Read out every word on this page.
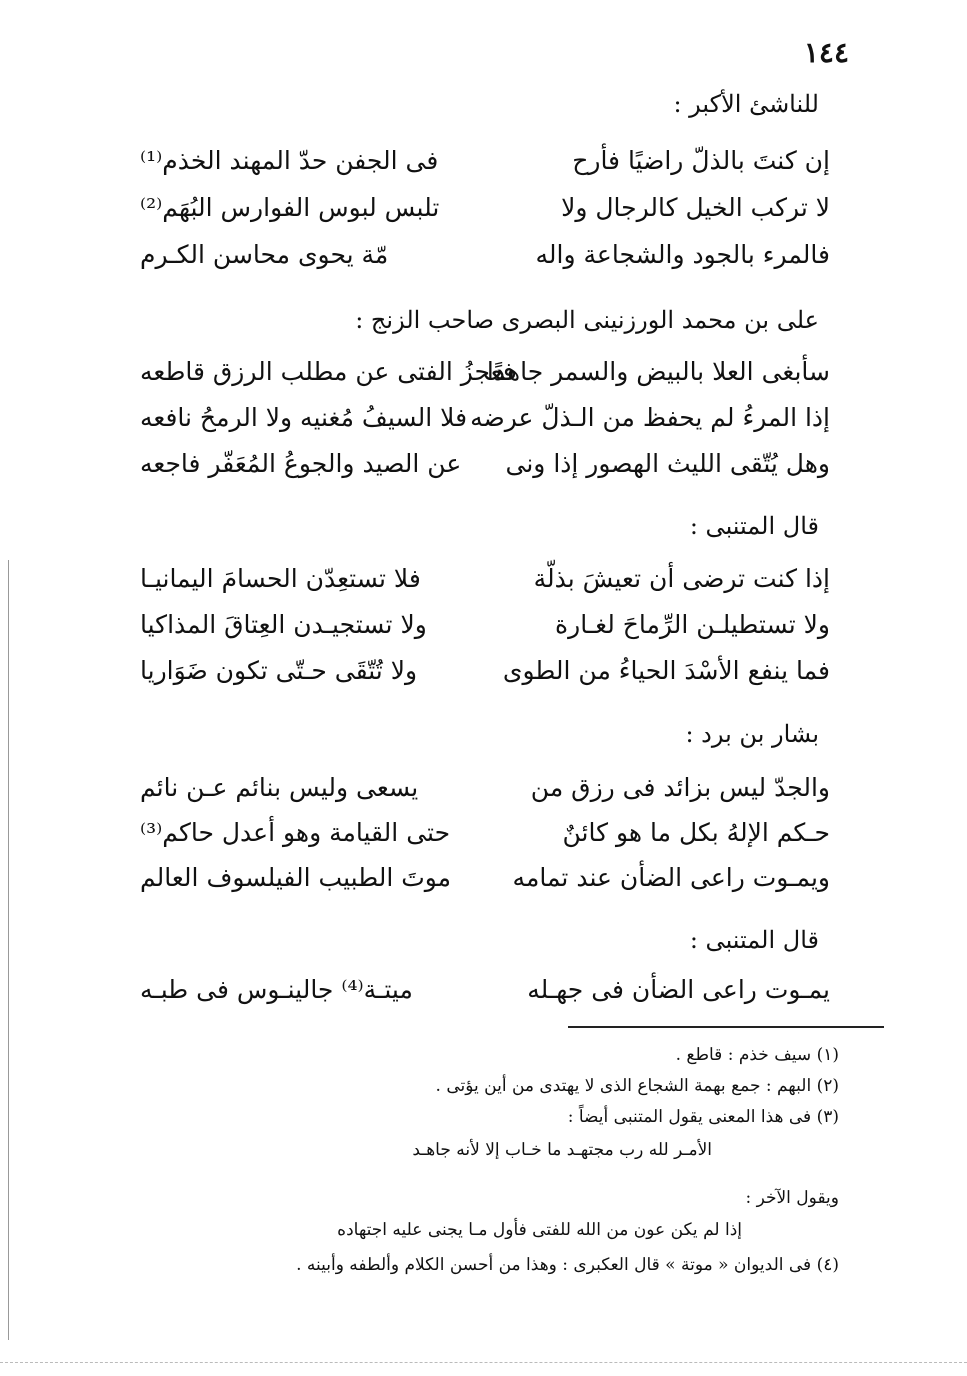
١٤٤
للناشئ الأكبر :
إن كنتَ بالذلّ راضيًا فأرح
فى الجفن حدّ المهند الخذم⁽¹⁾
لا تركب الخيل كالرجال ولا
تلبس لبوس الفوارس البُهَم⁽²⁾
فالمرء بالجود والشجاعة واله
مّة يحوى محاسن الكـرم
على بن محمد الورزنينى البصرى صاحب الزنج :
سأبغى العلا بالبيض والسمر جاهدًا
فعجزُ الفتى عن مطلب الرزق قاطعه
إذا المرءُ لم يحفظ من الـذلّ عرضه
فلا السيفُ مُغنيه ولا الرمحُ نافعه
وهل يُتّقى الليث الهصور إذا ونى
عن الصيد والجوعُ المُعَفّر فاجعه
قال المتنبى :
إذا كنت ترضى أن تعيشَ بذلّة
فلا تستعِدّن الحسامَ اليمانيـا
ولا تستطيلـن الرِّماحَ لغـارة
ولا تستجيـدن العِتاقَ المذاكيا
فما ينفع الأسْدَ الحياءُ من الطوى
ولا تُتّقَى حـتّى تكون ضَوَاريا
بشار بن برد :
والجدّ ليس بزائد فى رزق من
يسعى وليس بنائم عـن نائم
حـكم الإلهُ بكل ما هو كائنٌ
حتى القيامة وهو أعدل حاكم⁽³⁾
ويمـوت راعى الضأن عند تمامه
موتَ الطبيب الفيلسوف العالم
قال المتنبى :
يمـوت راعى الضأن فى جهـله
ميتـة⁽⁴⁾ جالينـوس فى طبـه
(١) سيف خذم : قاطع .
(٢) البهم : جمع بهمة الشجاع الذى لا يهتدى من أين يؤتى .
(٣) فى هذا المعنى يقول المتنبى أيضاً :
الأمـر لله رب مجتهـد ما خـاب إلا لأنه جاهـد
ويقول الآخر :
إذا لم يكن عون من الله للفتى فأول مـا يجنى عليه اجتهاده
(٤) فى الديوان « موتة » قال العكبرى : وهذا من أحسن الكلام وألطفه وأبينه .
